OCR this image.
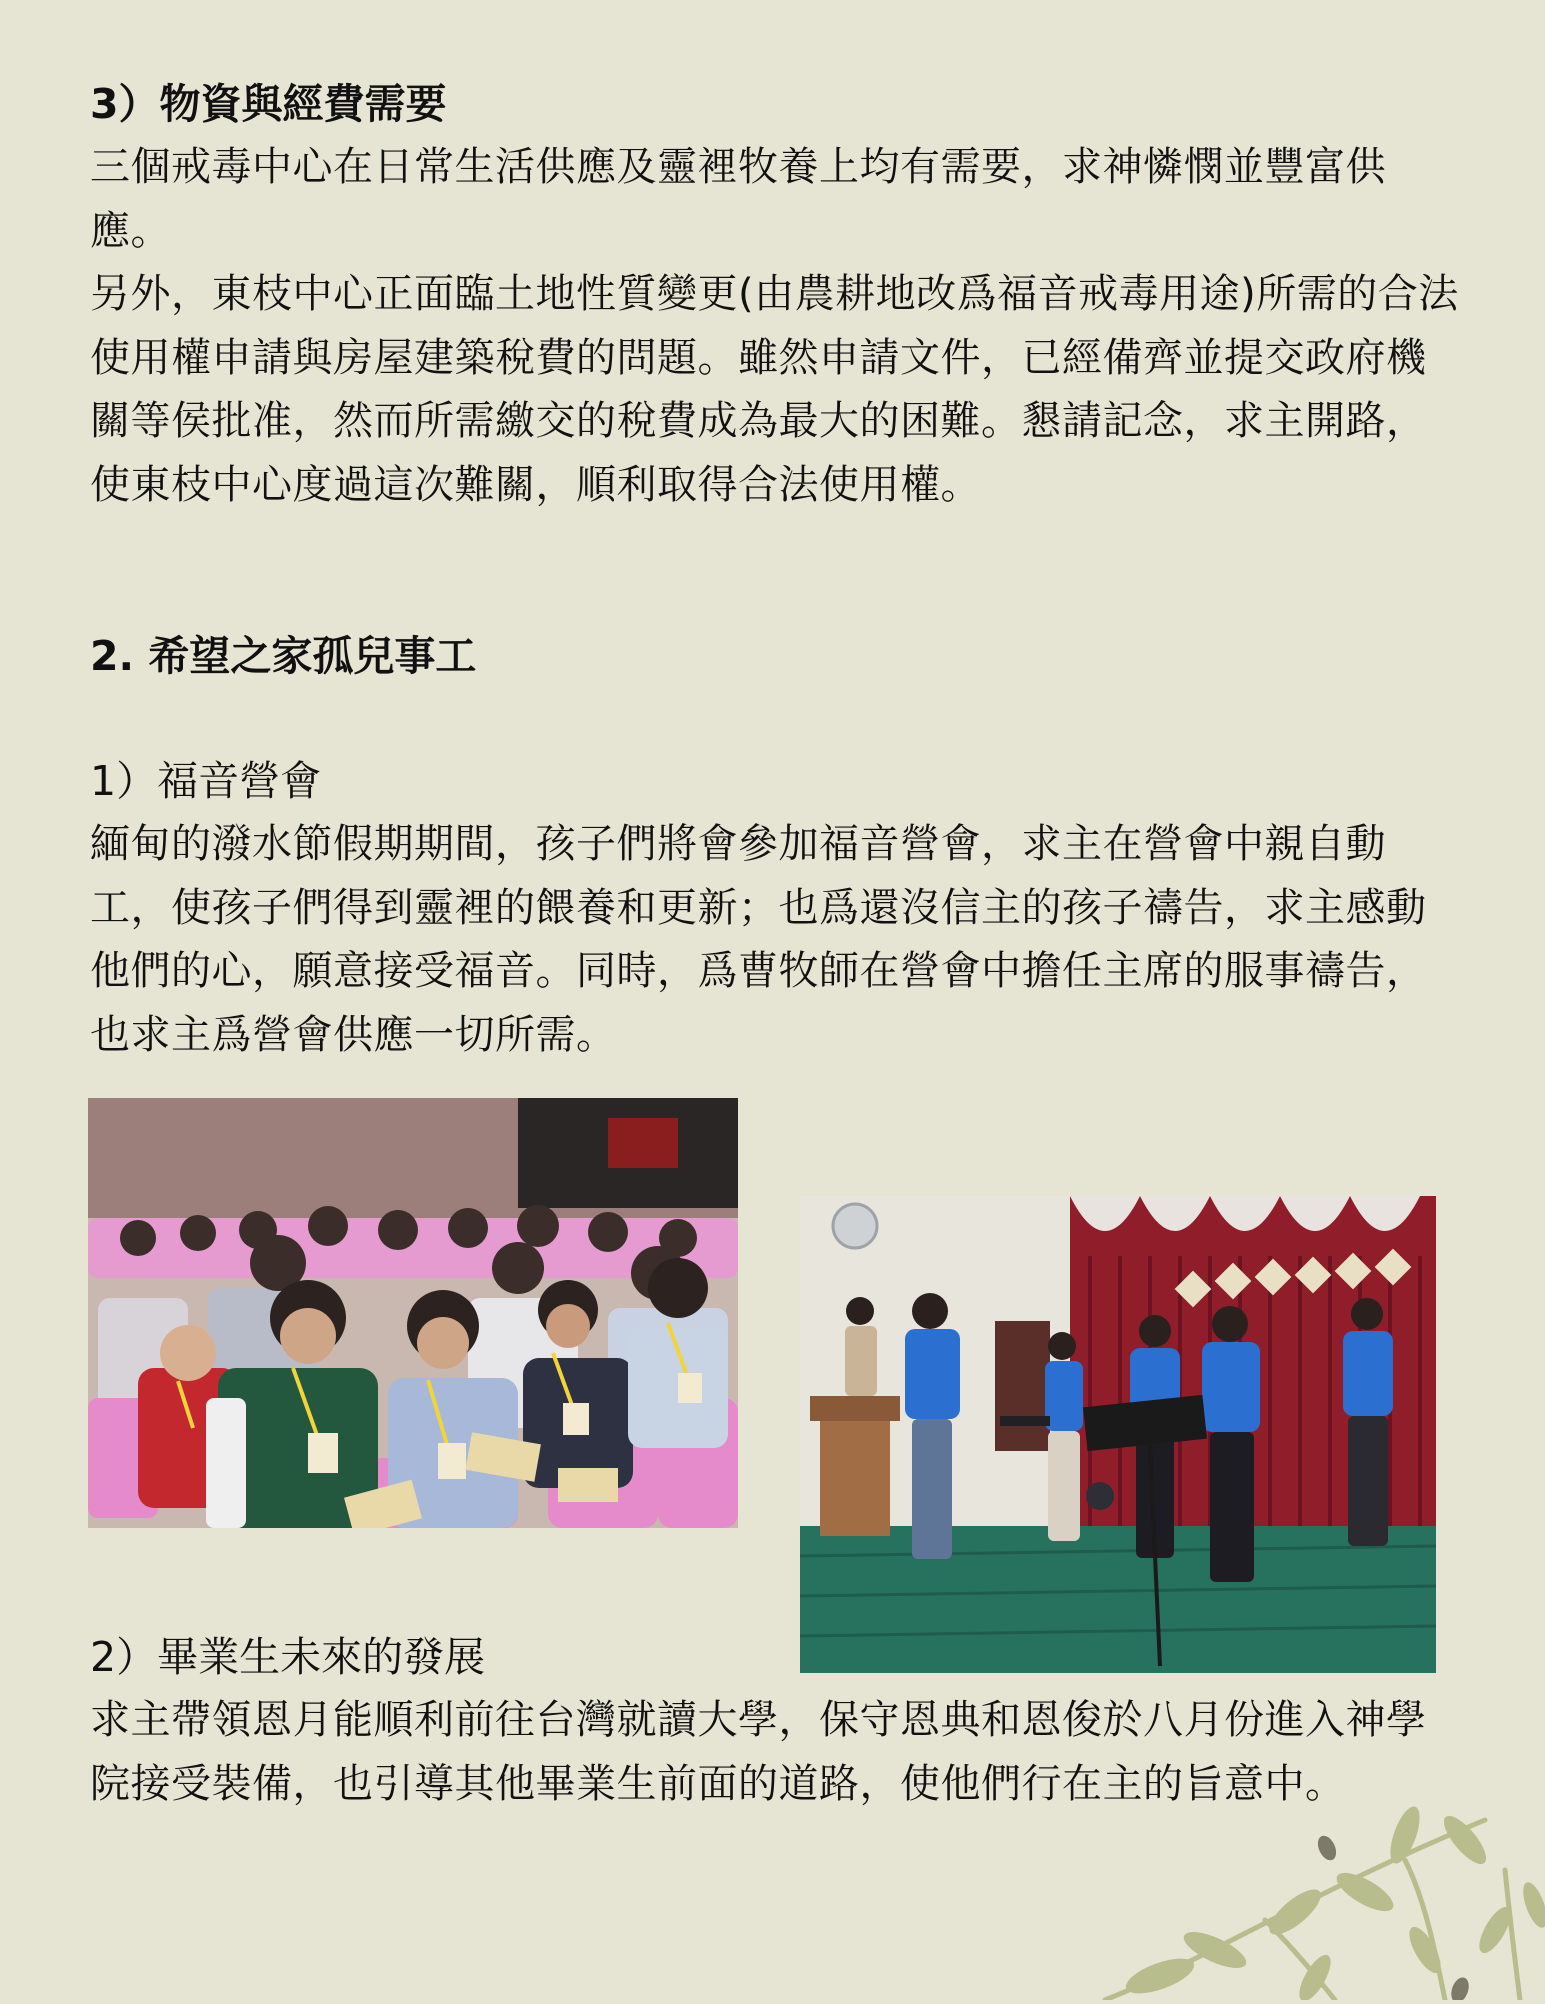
3）物資與經費需要

三個戒毒中心在日常生活供應及靈裡牧養上均有需要，求神憐憫並豐富供應。

另外，東枝中心正面臨土地性質變更(由農耕地改爲福音戒毒用途)所需的合法使用權申請與房屋建築稅費的問題。雖然申請文件，已經備齊並提交政府機關等侯批准，然而所需繳交的稅費成為最大的困難。懇請記念，求主開路，使東枝中心度過這次難關，順利取得合法使用權。

2. 希望之家孤兒事工
1）福音營會

緬甸的潑水節假期期間，孩子們將會參加福音營會，求主在營會中親自動工，使孩子們得到靈裡的餵養和更新；也爲還沒信主的孩子禱告，求主感動他們的心，願意接受福音。同時，爲曹牧師在營會中擔任主席的服事禱告，也求主爲營會供應一切所需。

2）畢業生未來的發展

求主帶領恩月能順利前往台灣就讀大學，保守恩典和恩俊於八月份進入神學院接受裝備，也引導其他畢業生前面的道路，使他們行在主的旨意中。
